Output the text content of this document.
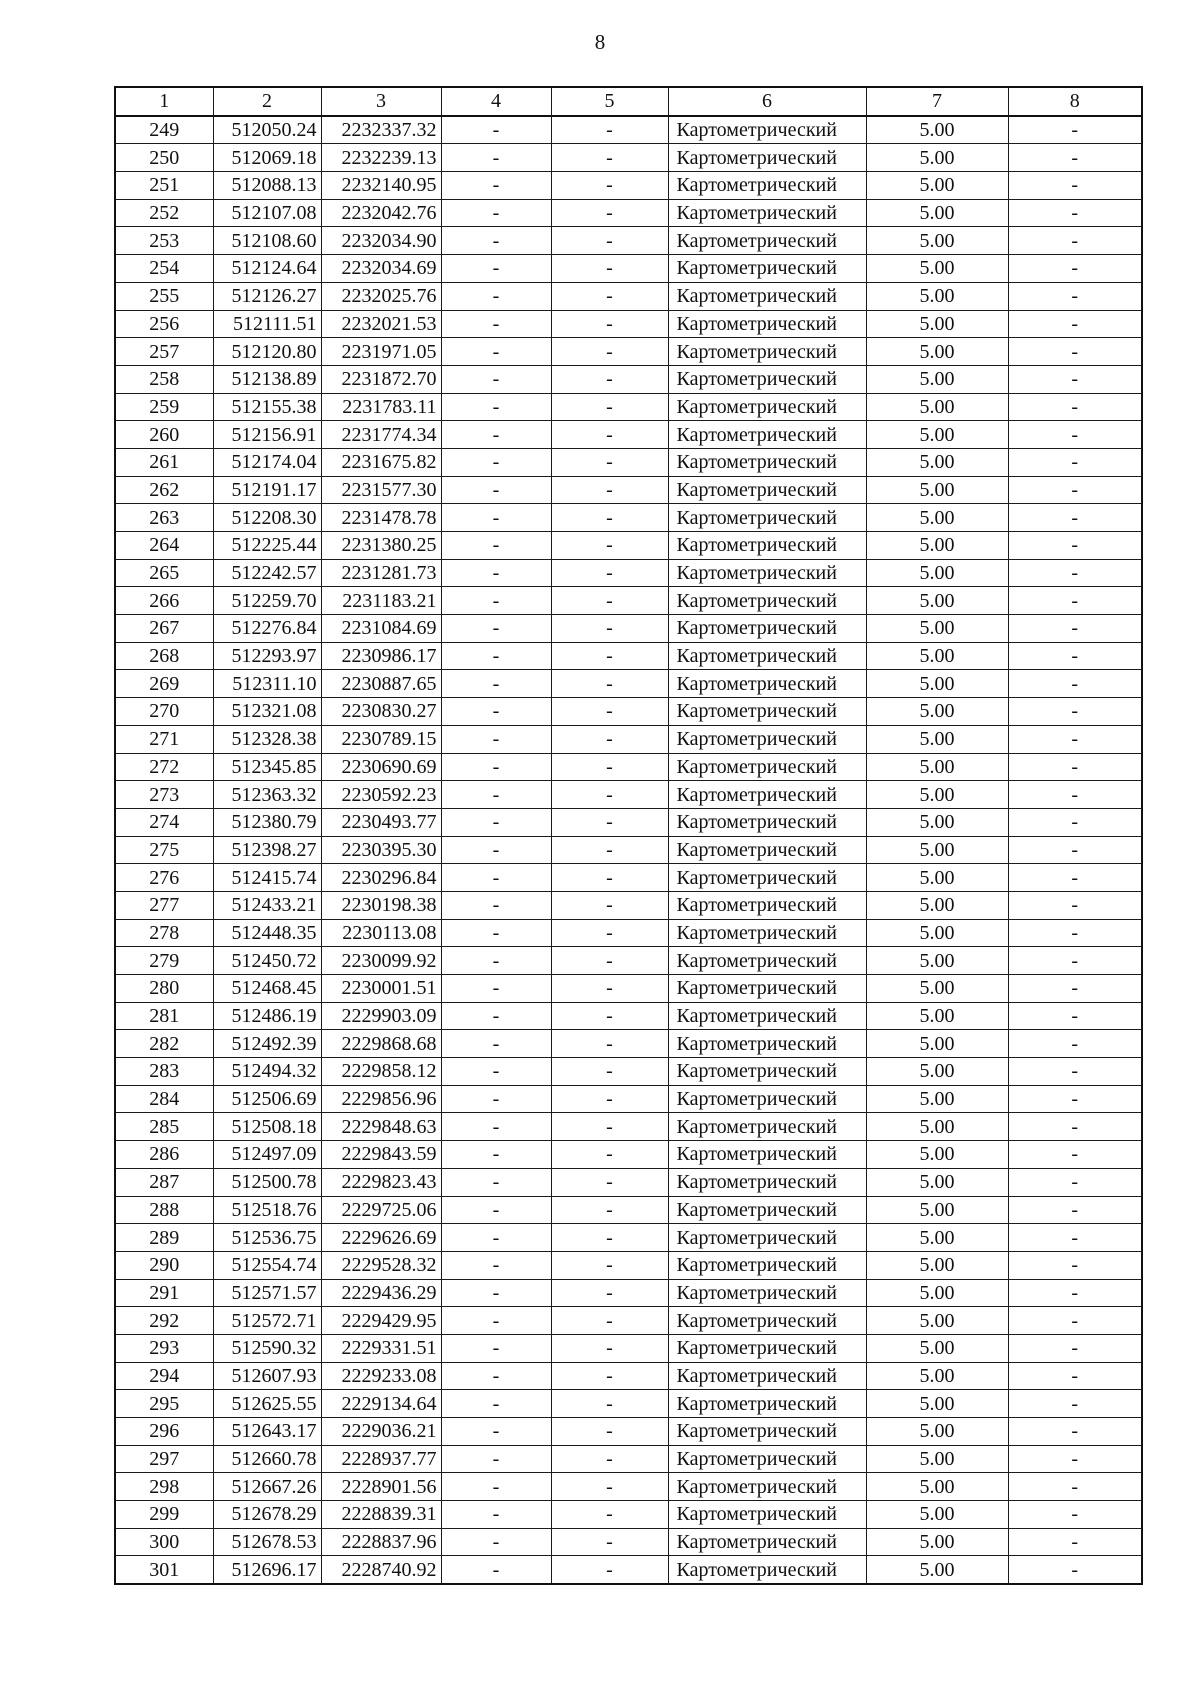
8
1	2	3	4	5	6	7	8
249	512050.24	2232337.32	-	-	Картометрический	5.00	-
250	512069.18	2232239.13	-	-	Картометрический	5.00	-
251	512088.13	2232140.95	-	-	Картометрический	5.00	-
252	512107.08	2232042.76	-	-	Картометрический	5.00	-
253	512108.60	2232034.90	-	-	Картометрический	5.00	-
254	512124.64	2232034.69	-	-	Картометрический	5.00	-
255	512126.27	2232025.76	-	-	Картометрический	5.00	-
256	512111.51	2232021.53	-	-	Картометрический	5.00	-
257	512120.80	2231971.05	-	-	Картометрический	5.00	-
258	512138.89	2231872.70	-	-	Картометрический	5.00	-
259	512155.38	2231783.11	-	-	Картометрический	5.00	-
260	512156.91	2231774.34	-	-	Картометрический	5.00	-
261	512174.04	2231675.82	-	-	Картометрический	5.00	-
262	512191.17	2231577.30	-	-	Картометрический	5.00	-
263	512208.30	2231478.78	-	-	Картометрический	5.00	-
264	512225.44	2231380.25	-	-	Картометрический	5.00	-
265	512242.57	2231281.73	-	-	Картометрический	5.00	-
266	512259.70	2231183.21	-	-	Картометрический	5.00	-
267	512276.84	2231084.69	-	-	Картометрический	5.00	-
268	512293.97	2230986.17	-	-	Картометрический	5.00	-
269	512311.10	2230887.65	-	-	Картометрический	5.00	-
270	512321.08	2230830.27	-	-	Картометрический	5.00	-
271	512328.38	2230789.15	-	-	Картометрический	5.00	-
272	512345.85	2230690.69	-	-	Картометрический	5.00	-
273	512363.32	2230592.23	-	-	Картометрический	5.00	-
274	512380.79	2230493.77	-	-	Картометрический	5.00	-
275	512398.27	2230395.30	-	-	Картометрический	5.00	-
276	512415.74	2230296.84	-	-	Картометрический	5.00	-
277	512433.21	2230198.38	-	-	Картометрический	5.00	-
278	512448.35	2230113.08	-	-	Картометрический	5.00	-
279	512450.72	2230099.92	-	-	Картометрический	5.00	-
280	512468.45	2230001.51	-	-	Картометрический	5.00	-
281	512486.19	2229903.09	-	-	Картометрический	5.00	-
282	512492.39	2229868.68	-	-	Картометрический	5.00	-
283	512494.32	2229858.12	-	-	Картометрический	5.00	-
284	512506.69	2229856.96	-	-	Картометрический	5.00	-
285	512508.18	2229848.63	-	-	Картометрический	5.00	-
286	512497.09	2229843.59	-	-	Картометрический	5.00	-
287	512500.78	2229823.43	-	-	Картометрический	5.00	-
288	512518.76	2229725.06	-	-	Картометрический	5.00	-
289	512536.75	2229626.69	-	-	Картометрический	5.00	-
290	512554.74	2229528.32	-	-	Картометрический	5.00	-
291	512571.57	2229436.29	-	-	Картометрический	5.00	-
292	512572.71	2229429.95	-	-	Картометрический	5.00	-
293	512590.32	2229331.51	-	-	Картометрический	5.00	-
294	512607.93	2229233.08	-	-	Картометрический	5.00	-
295	512625.55	2229134.64	-	-	Картометрический	5.00	-
296	512643.17	2229036.21	-	-	Картометрический	5.00	-
297	512660.78	2228937.77	-	-	Картометрический	5.00	-
298	512667.26	2228901.56	-	-	Картометрический	5.00	-
299	512678.29	2228839.31	-	-	Картометрический	5.00	-
300	512678.53	2228837.96	-	-	Картометрический	5.00	-
301	512696.17	2228740.92	-	-	Картометрический	5.00	-
